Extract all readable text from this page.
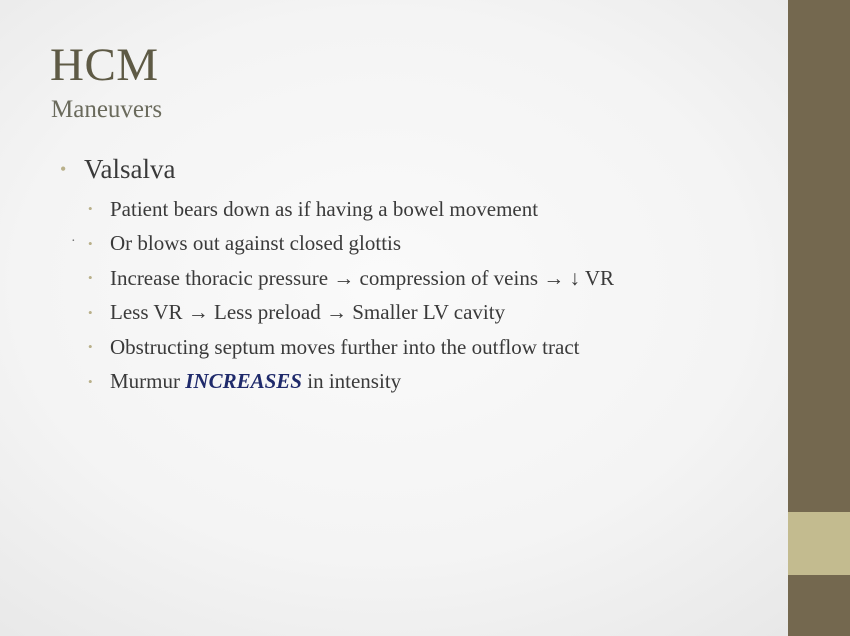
HCM
Maneuvers
• Valsalva
·
• Patient bears down as if having a bowel movement
• Or blows out against closed glottis
• Increase thoracic pressure → compression of veins → ↓ VR
• Less VR → Less preload → Smaller LV cavity
• Obstructing septum moves further into the outflow tract
• Murmur INCREASES in intensity
